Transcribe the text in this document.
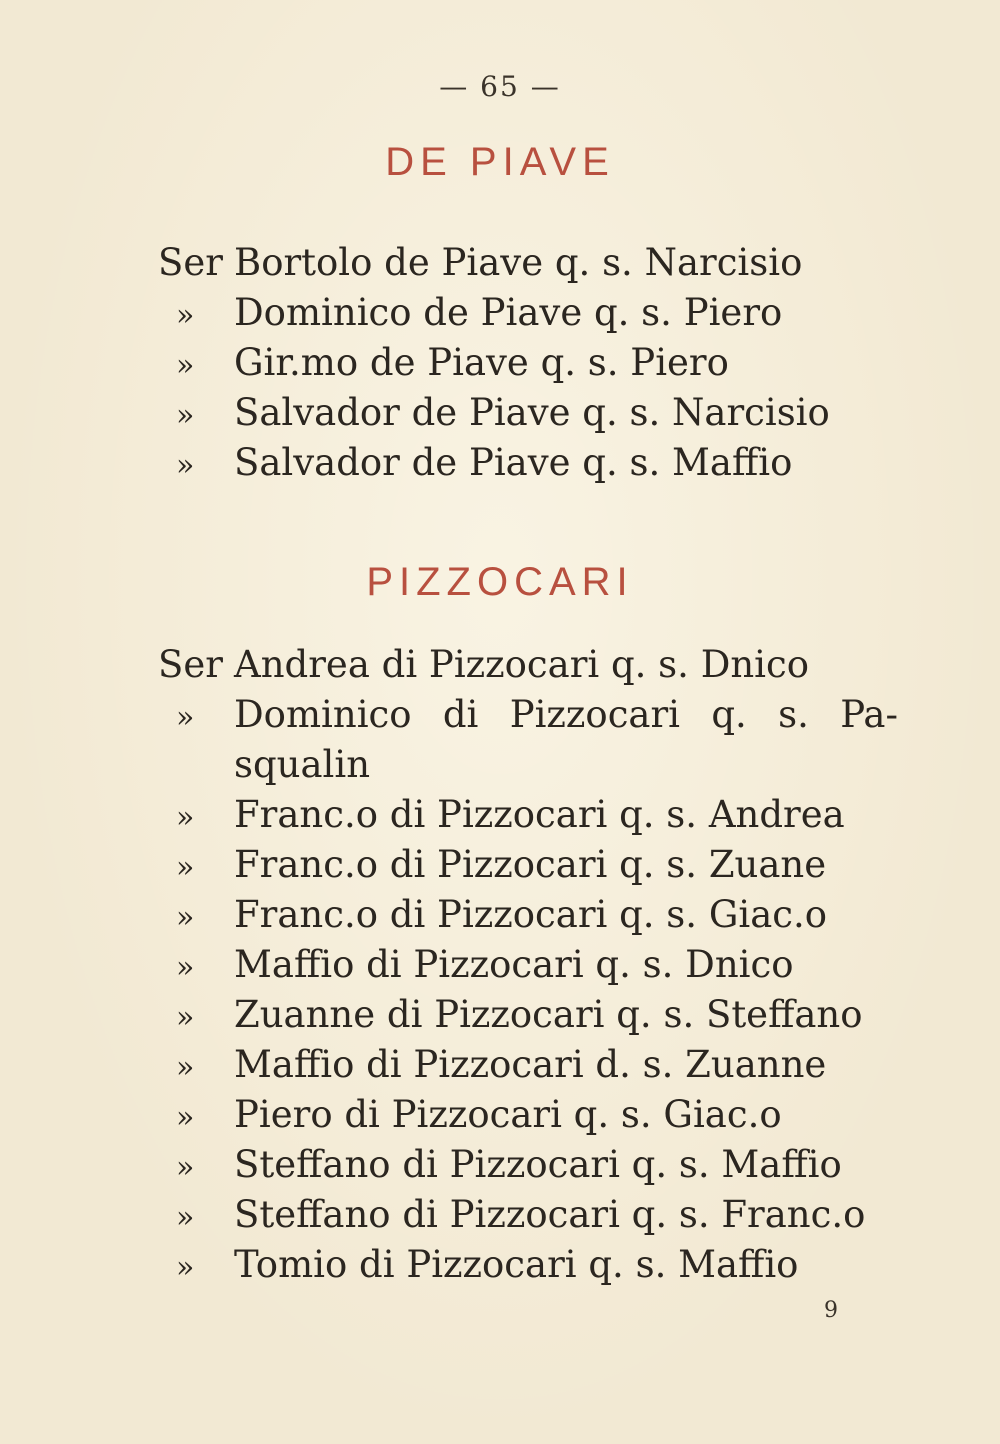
— 65 —
DE PIAVE
Ser Bortolo de Piave q. s. Narcisio
»	Dominico de Piave q. s. Piero
»	Gir.mo de Piave q. s. Piero
»	Salvador de Piave q. s. Narcisio
»	Salvador de Piave q. s. Maffio
PIZZOCARI
Ser Andrea di Pizzocari q. s. Dnico
»	Dominico di Pizzocari q. s. Pa- squalin
»	Franc.o di Pizzocari q. s. Andrea
»	Franc.o di Pizzocari q. s. Zuane
»	Franc.o di Pizzocari q. s. Giac.o
»	Maffio di Pizzocari q. s. Dnico
»	Zuanne di Pizzocari q. s. Steffano
»	Maffio di Pizzocari d. s. Zuanne
»	Piero di Pizzocari q. s. Giac.o
»	Steffano di Pizzocari q. s. Maffio
»	Steffano di Pizzocari q. s. Franc.o
»	Tomio di Pizzocari q. s. Maffio
9
